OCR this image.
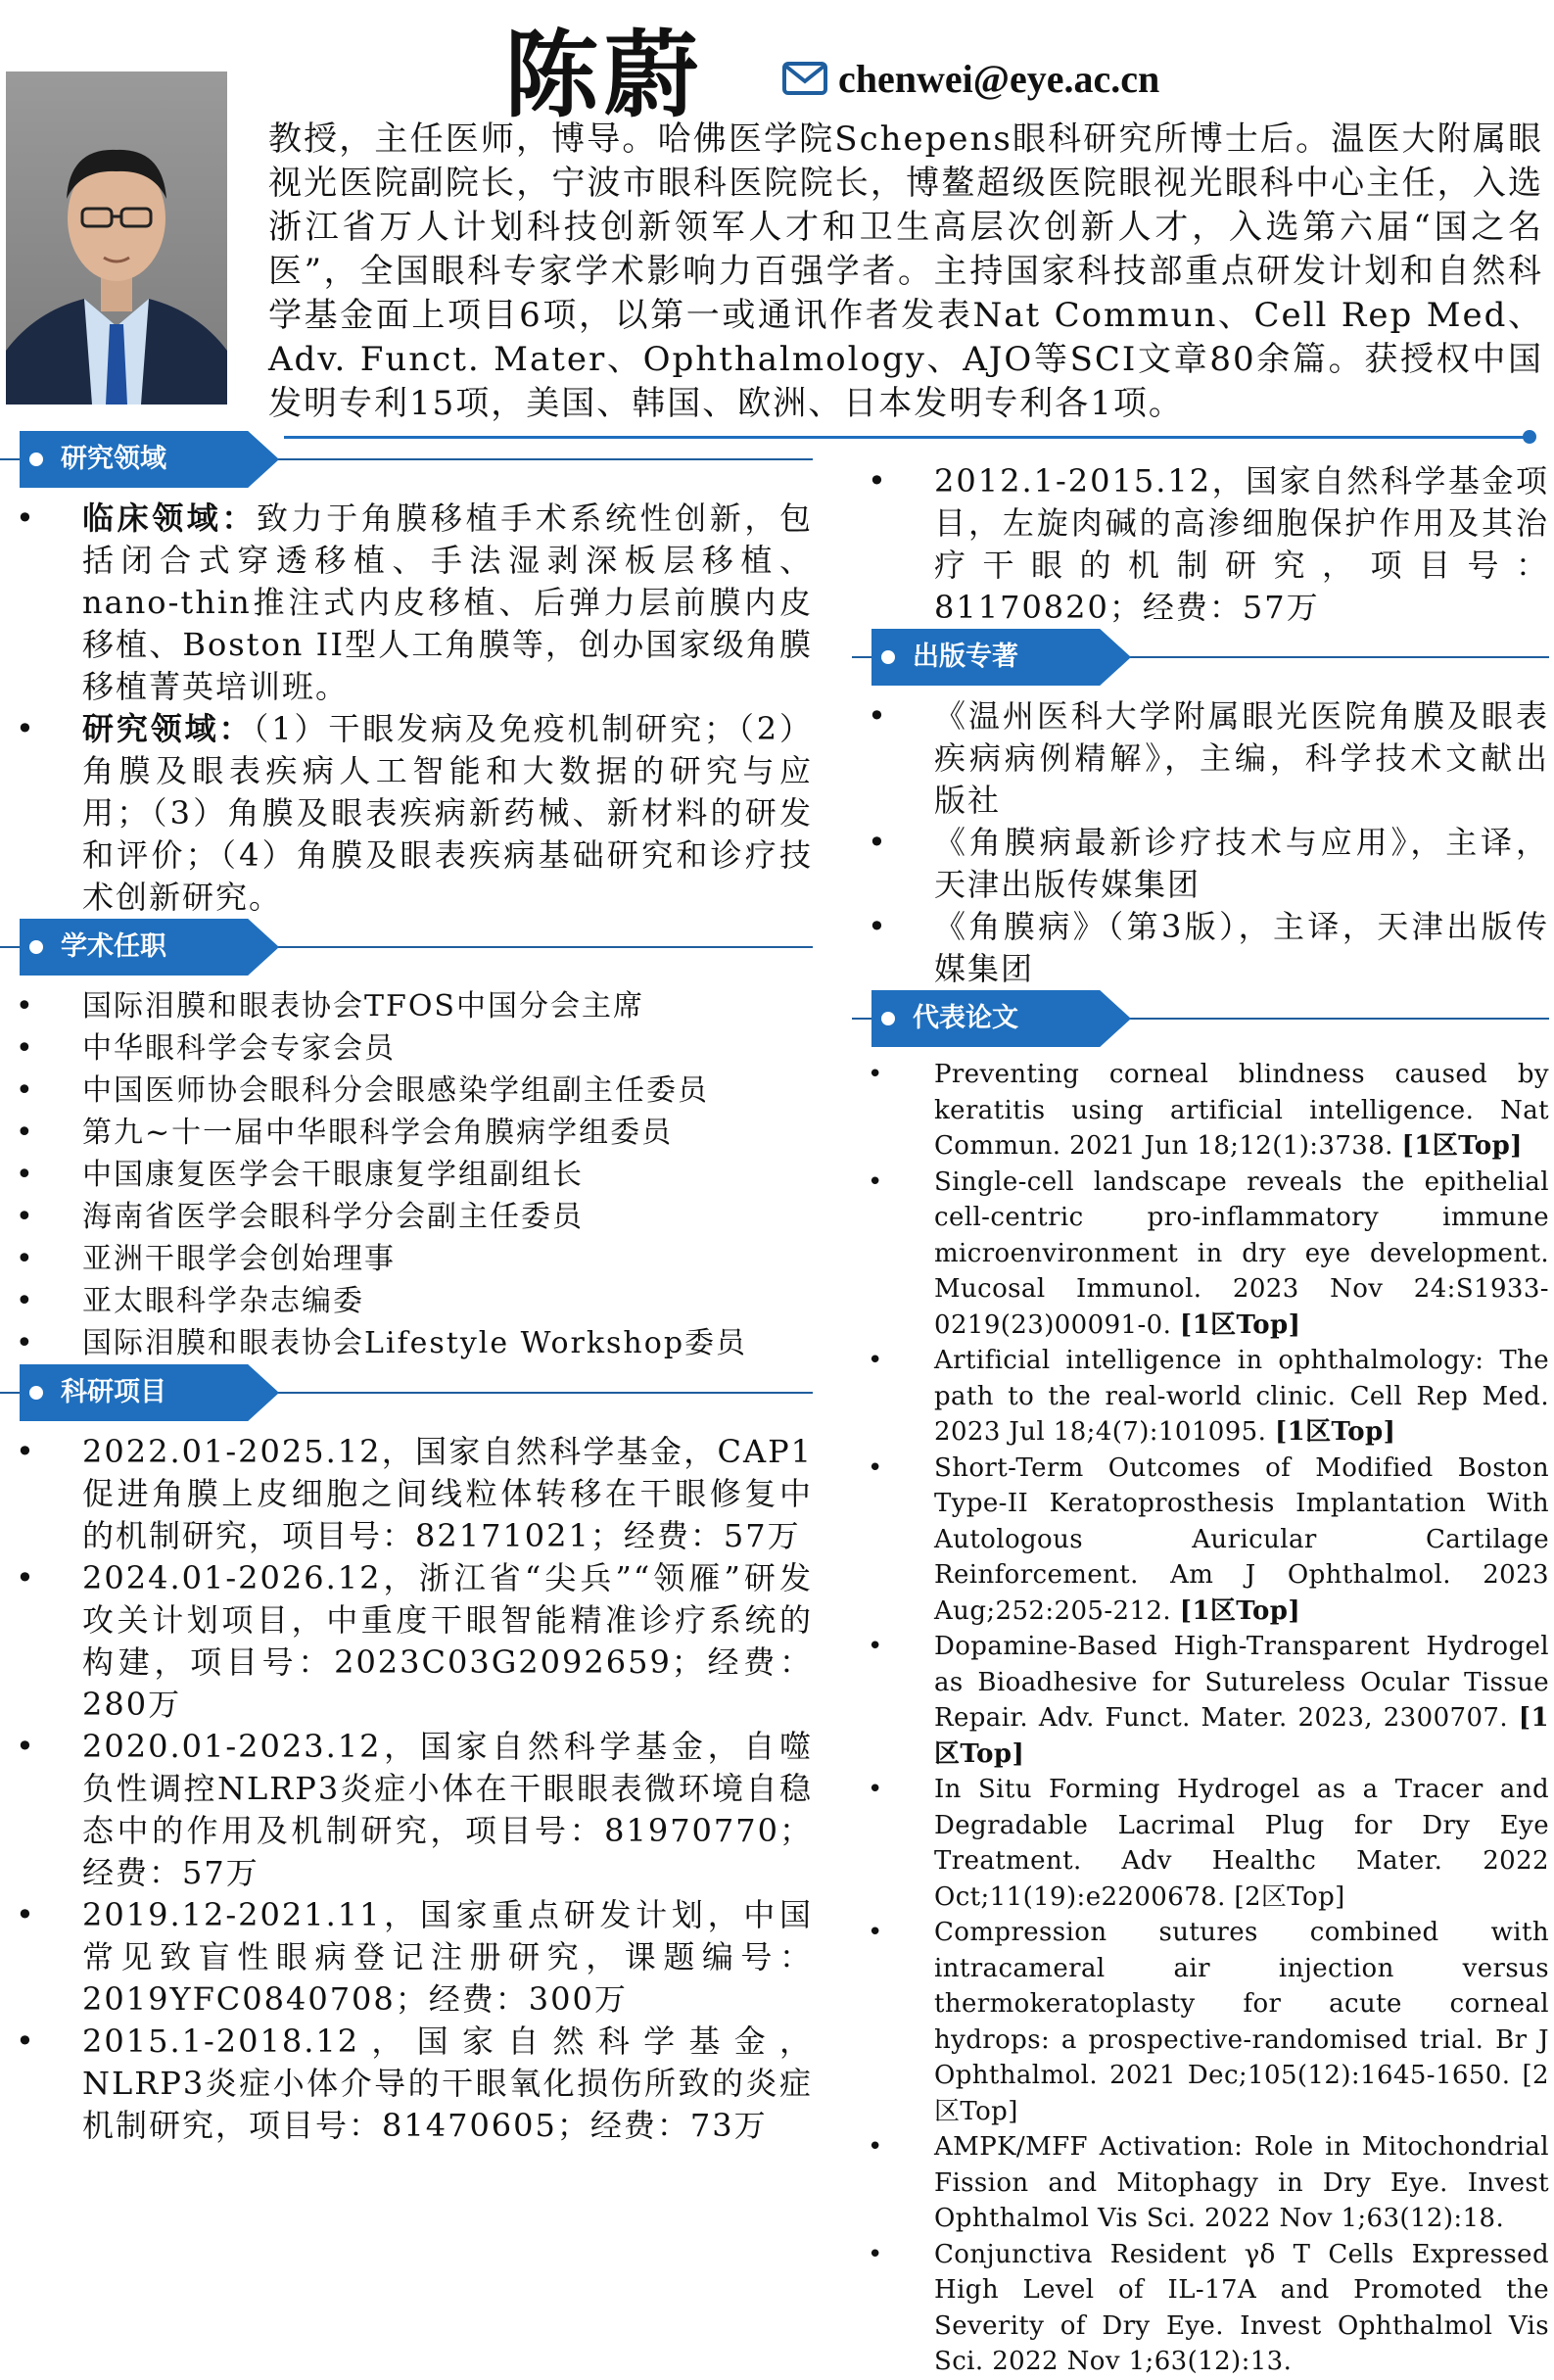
陈蔚	chenwei@eye.ac.cn

教授，主任医师，博导。哈佛医学院Schepens眼科研究所博士后。温医大附属眼视光医院副院长，宁波市眼科医院院长，博鳌超级医院眼视光眼科中心主任，入选浙江省万人计划科技创新领军人才和卫生高层次创新人才，入选第六届“国之名医”，全国眼科专家学术影响力百强学者。主持国家科技部重点研发计划和自然科学基金面上项目6项，以第一或通讯作者发表Nat Commun、Cell Rep Med、Adv. Funct. Mater、Ophthalmology、AJO等SCI文章80余篇。获授权中国发明专利15项，美国、韩国、欧洲、日本发明专利各1项。

研究领域
• 临床领域：致力于角膜移植手术系统性创新，包括闭合式穿透移植、手法湿剥深板层移植、nano-thin推注式内皮移植、后弹力层前膜内皮移植、Boston II型人工角膜等，创办国家级角膜移植菁英培训班。
• 研究领域：（1）干眼发病及免疫机制研究；（2）角膜及眼表疾病人工智能和大数据的研究与应用；（3）角膜及眼表疾病新药械、新材料的研发和评价；（4）角膜及眼表疾病基础研究和诊疗技术创新研究。
学术任职
• 国际泪膜和眼表协会TFOS中国分会主席
• 中华眼科学会专家会员
• 中国医师协会眼科分会眼感染学组副主任委员
• 第九~十一届中华眼科学会角膜病学组委员
• 中国康复医学会干眼康复学组副组长
• 海南省医学会眼科学分会副主任委员
• 亚洲干眼学会创始理事
• 亚太眼科学杂志编委
• 国际泪膜和眼表协会Lifestyle Workshop委员
科研项目
• 2022.01-2025.12，国家自然科学基金，CAP1促进角膜上皮细胞之间线粒体转移在干眼修复中的机制研究，项目号：82171021；经费：57万
• 2024.01-2026.12，浙江省“尖兵”“领雁”研发攻关计划项目，中重度干眼智能精准诊疗系统的构建，项目号：2023C03G2092659；经费：280万
• 2020.01-2023.12，国家自然科学基金，自噬负性调控NLRP3炎症小体在干眼眼表微环境自稳态中的作用及机制研究，项目号：81970770；经费：57万
• 2019.12-2021.11，国家重点研发计划，中国常见致盲性眼病登记注册研究，课题编号：2019YFC0840708；经费：300万
• 2015.1-2018.12，国家自然科学基金，NLRP3炎症小体介导的干眼氧化损伤所致的炎症机制研究，项目号：81470605；经费：73万
• 2012.1-2015.12，国家自然科学基金项目，左旋肉碱的高渗细胞保护作用及其治疗干眼的机制研究，项目号：81170820；经费：57万
出版专著
• 《温州医科大学附属眼光医院角膜及眼表疾病病例精解》，主编，科学技术文献出版社
• 《角膜病最新诊疗技术与应用》，主译，天津出版传媒集团
• 《角膜病》（第3版），主译，天津出版传媒集团
代表论文
• Preventing corneal blindness caused by keratitis using artificial intelligence. Nat Commun. 2021 Jun 18;12(1):3738. [1区Top]
• Single-cell landscape reveals the epithelial cell-centric pro-inflammatory immune microenvironment in dry eye development. Mucosal Immunol. 2023 Nov 24:S1933-0219(23)00091-0. [1区Top]
• Artificial intelligence in ophthalmology: The path to the real-world clinic. Cell Rep Med. 2023 Jul 18;4(7):101095. [1区Top]
• Short-Term Outcomes of Modified Boston Type-II Keratoprosthesis Implantation With Autologous Auricular Cartilage Reinforcement. Am J Ophthalmol. 2023 Aug;252:205-212. [1区Top]
• Dopamine-Based High-Transparent Hydrogel as Bioadhesive for Sutureless Ocular Tissue Repair. Adv. Funct. Mater. 2023, 2300707. [1区Top]
• In Situ Forming Hydrogel as a Tracer and Degradable Lacrimal Plug for Dry Eye Treatment. Adv Healthc Mater. 2022 Oct;11(19):e2200678. [2区Top]
• Compression sutures combined with intracameral air injection versus thermokeratoplasty for acute corneal hydrops: a prospective-randomised trial. Br J Ophthalmol. 2021 Dec;105(12):1645-1650. [2区Top]
• AMPK/MFF Activation: Role in Mitochondrial Fission and Mitophagy in Dry Eye. Invest Ophthalmol Vis Sci. 2022 Nov 1;63(12):18.
• Conjunctiva Resident γδ T Cells Expressed High Level of IL-17A and Promoted the Severity of Dry Eye. Invest Ophthalmol Vis Sci. 2022 Nov 1;63(12):13.
